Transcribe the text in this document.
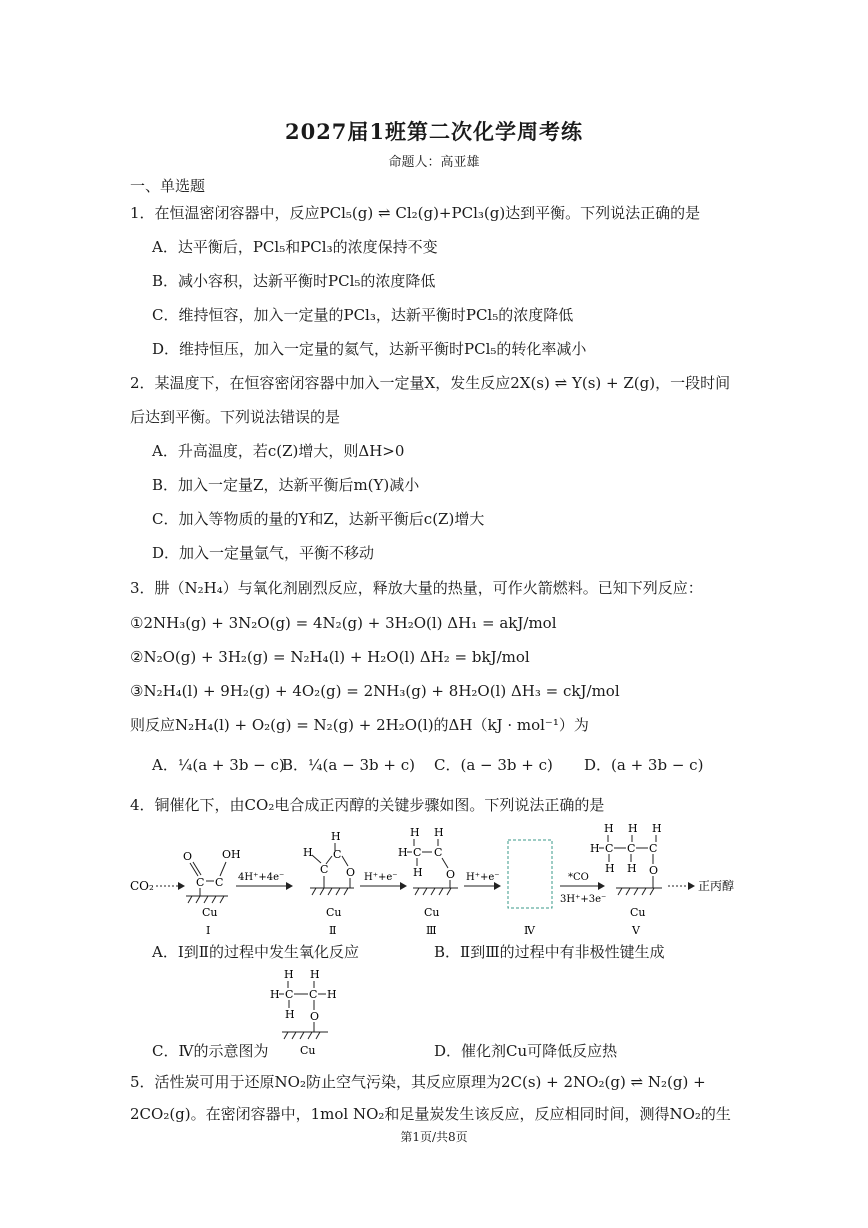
2027届1班第二次化学周考练
命题人：高亚雄
一、单选题
1．在恒温密闭容器中，反应PCl₅(g) ⇌ Cl₂(g)+PCl₃(g)达到平衡。下列说法正确的是
A．达平衡后，PCl₅和PCl₃的浓度保持不变
B．减小容积，达新平衡时PCl₅的浓度降低
C．维持恒容，加入一定量的PCl₃，达新平衡时PCl₅的浓度降低
D．维持恒压，加入一定量的氦气，达新平衡时PCl₅的转化率减小
2．某温度下，在恒容密闭容器中加入一定量X，发生反应2X(s) ⇌ Y(s) + Z(g)，一段时间
后达到平衡。下列说法错误的是
A．升高温度，若c(Z)增大，则ΔH>0
B．加入一定量Z，达新平衡后m(Y)减小
C．加入等物质的量的Y和Z，达新平衡后c(Z)增大
D．加入一定量氩气，平衡不移动
3．肼（N₂H₄）与氧化剂剧烈反应，释放大量的热量，可作火箭燃料。已知下列反应：
①2NH₃(g) + 3N₂O(g) = 4N₂(g) + 3H₂O(l) ΔH₁ = akJ/mol
②N₂O(g) + 3H₂(g) = N₂H₄(l) + H₂O(l) ΔH₂ = bkJ/mol
③N₂H₄(l) + 9H₂(g) + 4O₂(g) = 2NH₃(g) + 8H₂O(l) ΔH₃ = ckJ/mol
则反应N₂H₄(l) + O₂(g) = N₂(g) + 2H₂O(l)的ΔH（kJ · mol⁻¹）为
A．¼(a + 3b − c)
B．¼(a − 3b + c) C．(a − 3b + c) D．(a + 3b − c)
4．铜催化下，由CO₂电合成正丙醇的关键步骤如图。下列说法正确的是
CO₂
O
C C
OH
Cu
Ⅰ
4H⁺+4e⁻
H
H
C
C
O
Cu
Ⅱ
H⁺+e⁻
H H
H C C
H O
Cu
Ⅲ
H⁺+e⁻
Ⅳ
*CO
3H⁺+3e⁻
H H H
H C C C
H H O
Cu
Ⅴ
正丙醇
A．Ⅰ到Ⅱ的过程中发生氧化反应	B．Ⅱ到Ⅲ的过程中有非极性键生成
H H
H C C H
H O
Cu
C．Ⅳ的示意图为	D．催化剂Cu可降低反应热
5．活性炭可用于还原NO₂防止空气污染，其反应原理为2C(s) + 2NO₂(g) ⇌ N₂(g) +
2CO₂(g)。在密闭容器中，1mol NO₂和足量炭发生该反应，反应相同时间，测得NO₂的生
第1页/共8页
